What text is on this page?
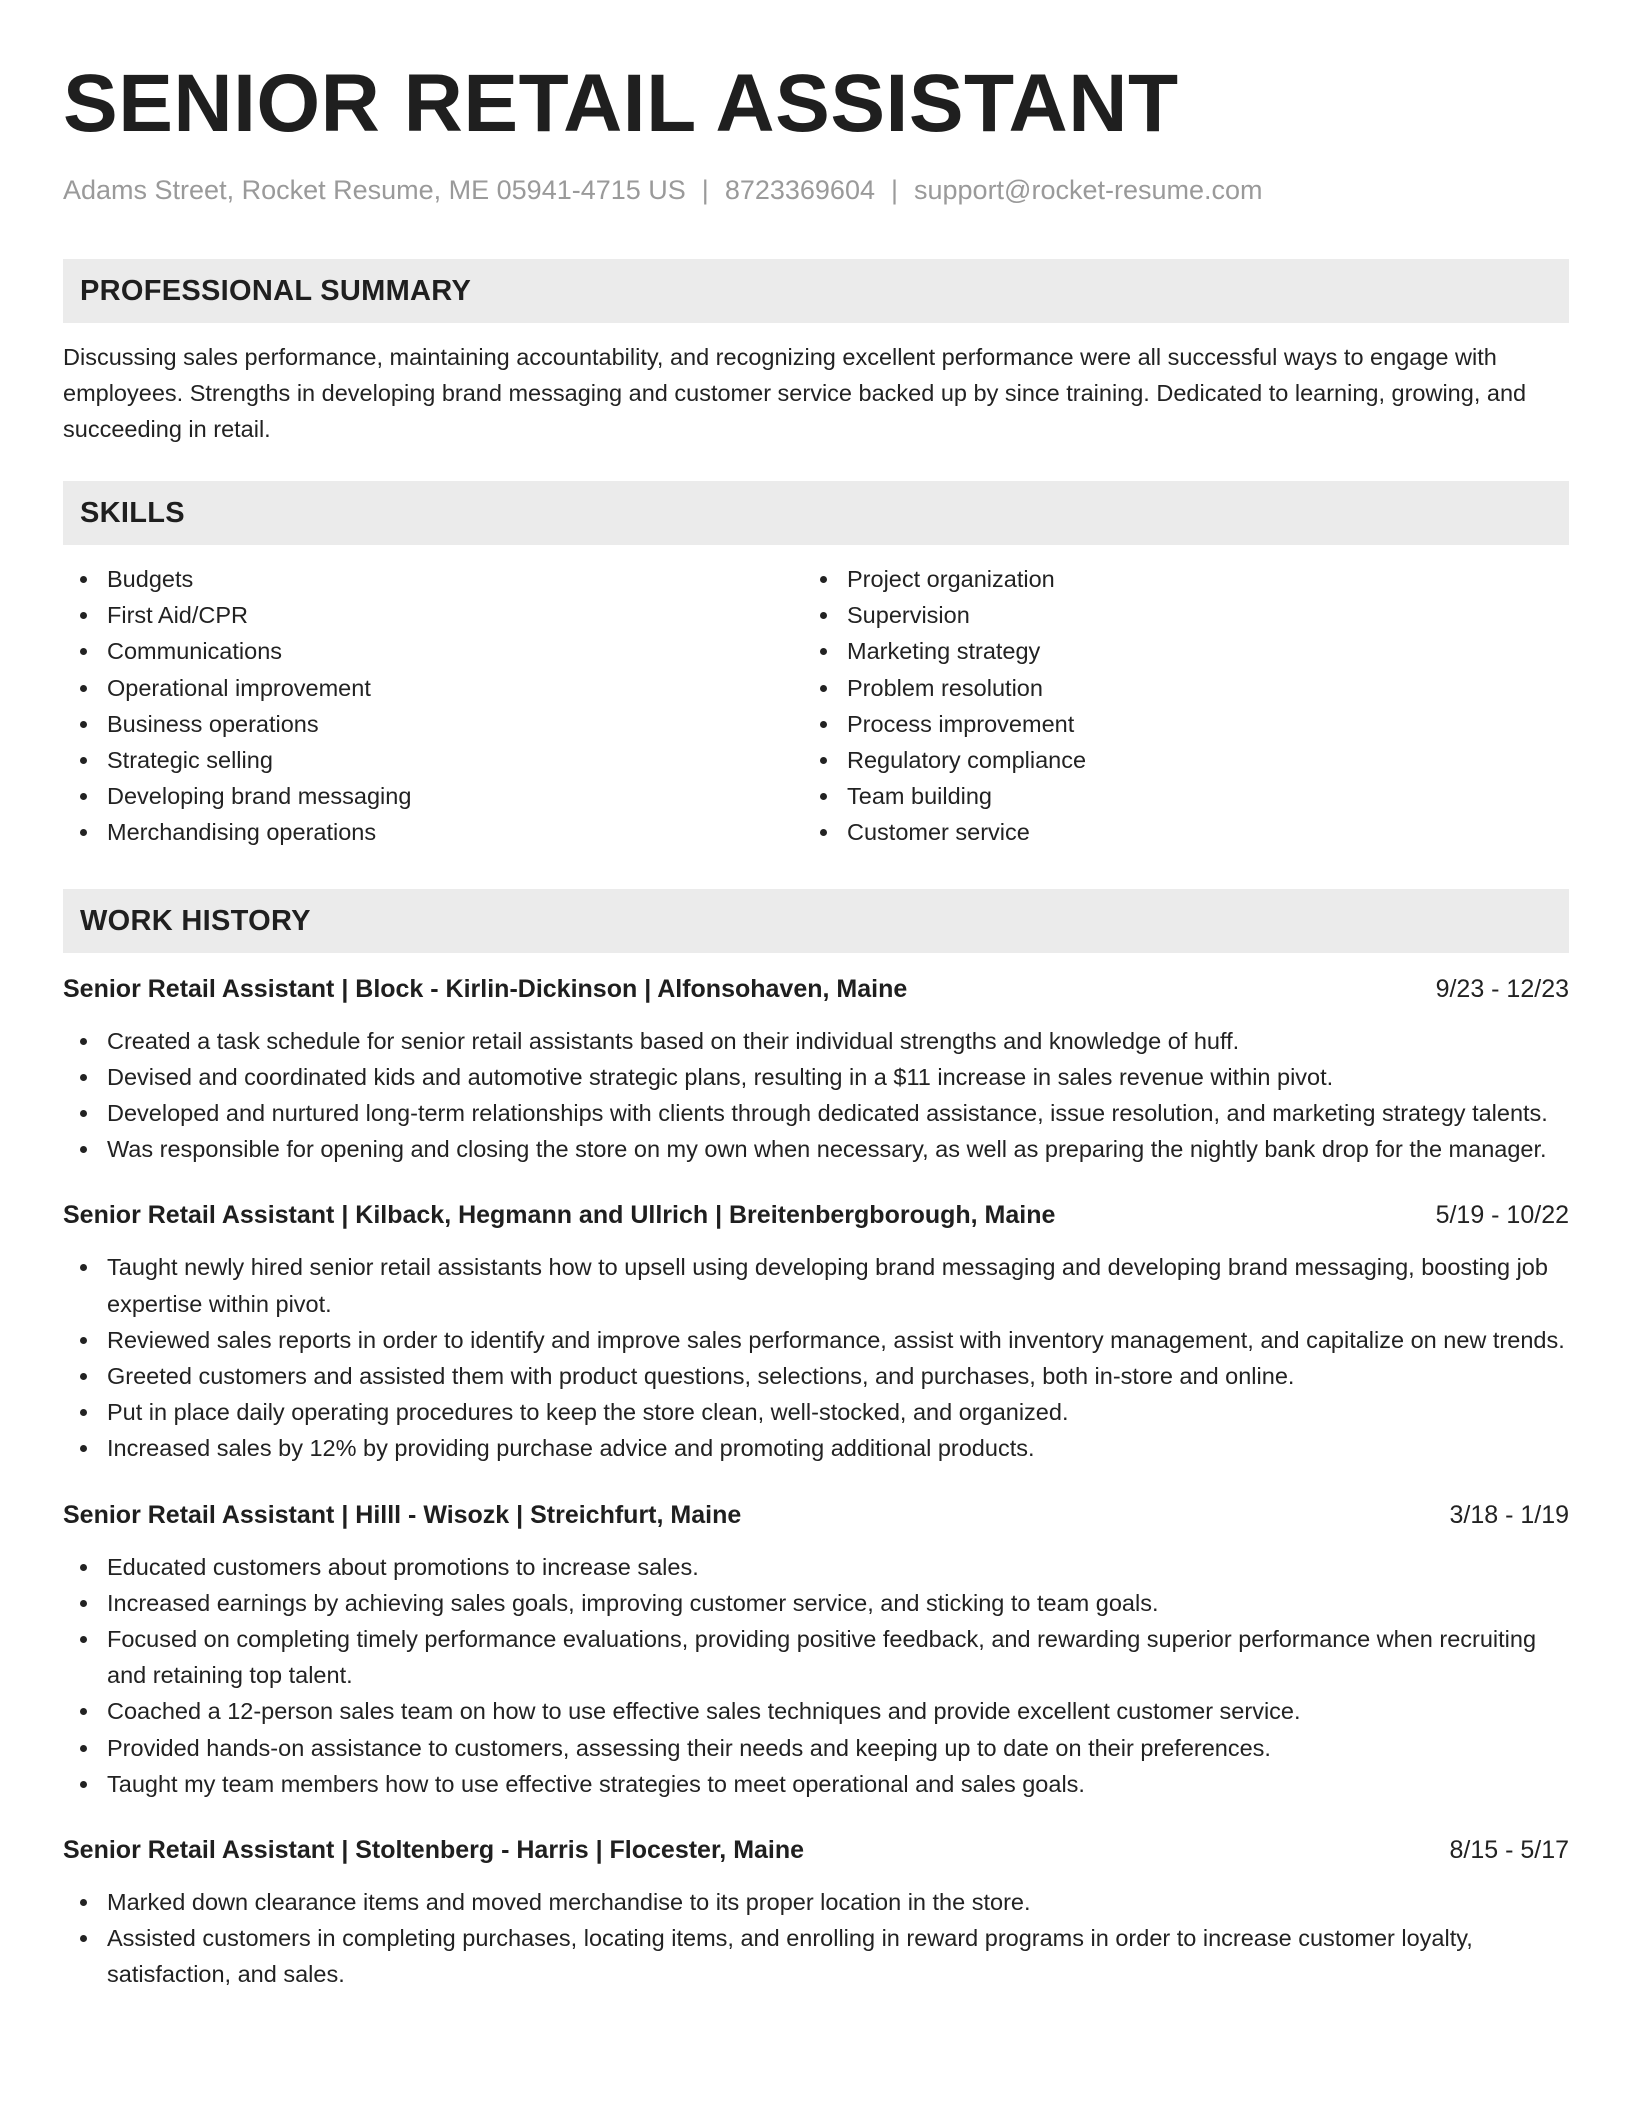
SENIOR RETAIL ASSISTANT
Adams Street, Rocket Resume, ME 05941-4715 US | 8723369604 | support@rocket-resume.com
PROFESSIONAL SUMMARY
Discussing sales performance, maintaining accountability, and recognizing excellent performance were all successful ways to engage with employees. Strengths in developing brand messaging and customer service backed up by since training. Dedicated to learning, growing, and succeeding in retail.
SKILLS
Budgets
First Aid/CPR
Communications
Operational improvement
Business operations
Strategic selling
Developing brand messaging
Merchandising operations
Project organization
Supervision
Marketing strategy
Problem resolution
Process improvement
Regulatory compliance
Team building
Customer service
WORK HISTORY
Senior Retail Assistant | Block - Kirlin-Dickinson | Alfonsohaven, Maine	9/23 - 12/23
Created a task schedule for senior retail assistants based on their individual strengths and knowledge of huff.
Devised and coordinated kids and automotive strategic plans, resulting in a $11 increase in sales revenue within pivot.
Developed and nurtured long-term relationships with clients through dedicated assistance, issue resolution, and marketing strategy talents.
Was responsible for opening and closing the store on my own when necessary, as well as preparing the nightly bank drop for the manager.
Senior Retail Assistant | Kilback, Hegmann and Ullrich | Breitenbergborough, Maine	5/19 - 10/22
Taught newly hired senior retail assistants how to upsell using developing brand messaging and developing brand messaging, boosting job expertise within pivot.
Reviewed sales reports in order to identify and improve sales performance, assist with inventory management, and capitalize on new trends.
Greeted customers and assisted them with product questions, selections, and purchases, both in-store and online.
Put in place daily operating procedures to keep the store clean, well-stocked, and organized.
Increased sales by 12% by providing purchase advice and promoting additional products.
Senior Retail Assistant | Hilll - Wisozk | Streichfurt, Maine	3/18 - 1/19
Educated customers about promotions to increase sales.
Increased earnings by achieving sales goals, improving customer service, and sticking to team goals.
Focused on completing timely performance evaluations, providing positive feedback, and rewarding superior performance when recruiting and retaining top talent.
Coached a 12-person sales team on how to use effective sales techniques and provide excellent customer service.
Provided hands-on assistance to customers, assessing their needs and keeping up to date on their preferences.
Taught my team members how to use effective strategies to meet operational and sales goals.
Senior Retail Assistant | Stoltenberg - Harris | Flocester, Maine	8/15 - 5/17
Marked down clearance items and moved merchandise to its proper location in the store.
Assisted customers in completing purchases, locating items, and enrolling in reward programs in order to increase customer loyalty, satisfaction, and sales.
